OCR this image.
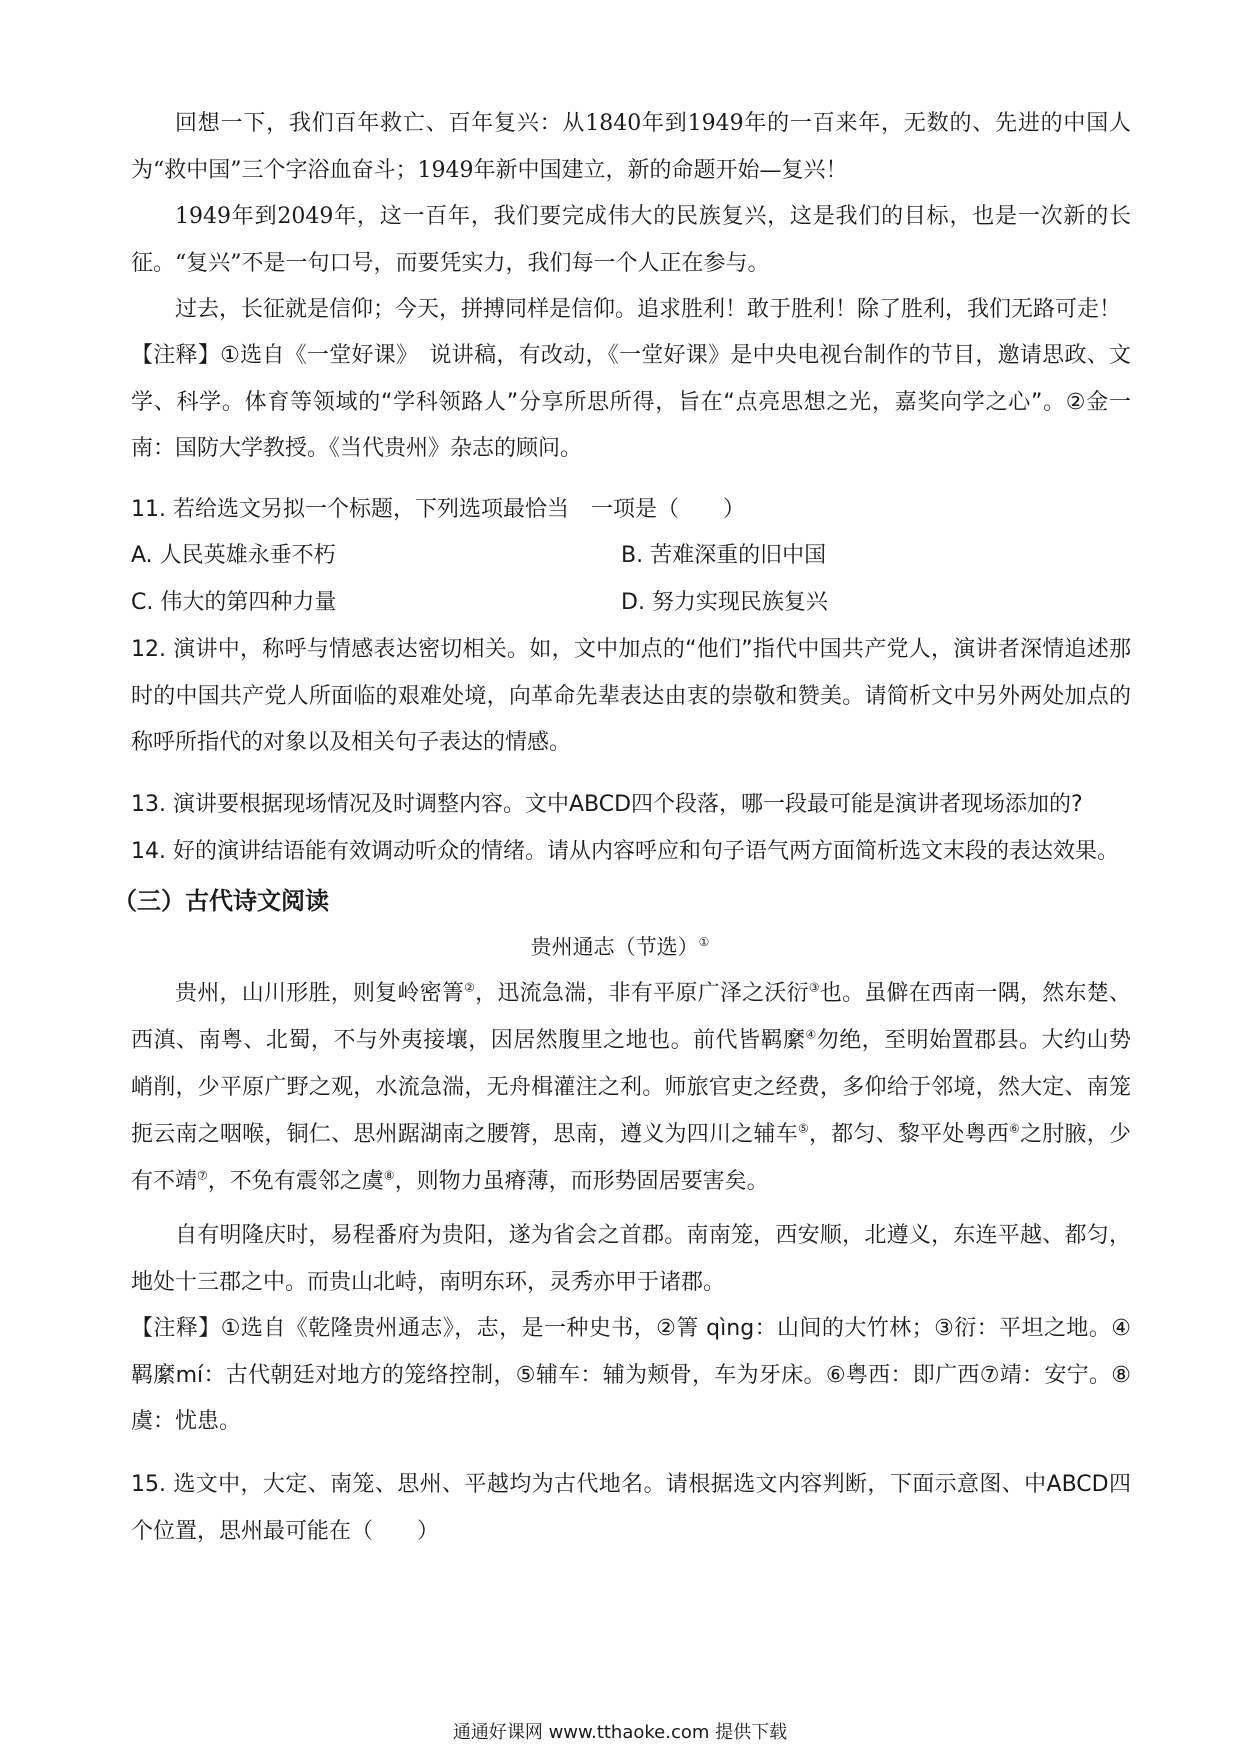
回想一下，我们百年救亡、百年复兴：从1840年到1949年的一百来年，无数的、先进的中国人为“救中国”三个字浴血奋斗；1949年新中国建立，新的命题开始—复兴！

1949年到2049年，这一百年，我们要完成伟大的民族复兴，这是我们的目标，也是一次新的长征。“复兴”不是一句口号，而要凭实力，我们每一个人正在参与。

过去，长征就是信仰；今天，拼搏同样是信仰。追求胜利！敢于胜利！除了胜利，我们无路可走！

【注释】①选自《一堂好课》　说讲稿，有改动，《一堂好课》是中央电视台制作的节目，邀请思政、文学、科学。体育等领域的“学科领路人”分享所思所得，旨在“点亮思想之光，嘉奖向学之心”。②金一南：国防大学教授。《当代贵州》杂志的顾问。

11. 若给选文另拟一个标题，下列选项最恰当　一项是（　　）

A. 人民英雄永垂不朽	B. 苦难深重的旧中国

C. 伟大的第四种力量	D. 努力实现民族复兴

12. 演讲中，称呼与情感表达密切相关。如，文中加点的“他们”指代中国共产党人，演讲者深情追述那时的中国共产党人所面临的艰难处境，向革命先辈表达由衷的崇敬和赞美。请简析文中另外两处加点的称呼所指代的对象以及相关句子表达的情感。

13. 演讲要根据现场情况及时调整内容。文中ABCD四个段落，哪一段最可能是演讲者现场添加的?

14. 好的演讲结语能有效调动听众的情绪。请从内容呼应和句子语气两方面简析选文末段的表达效果。

（三）古代诗文阅读
贵州通志（节选）①

贵州，山川形胜，则复岭密箐②，迅流急湍，非有平原广泽之沃衍③也。虽僻在西南一隅，然东楚、西滇、南粤、北蜀，不与外夷接壤，因居然腹里之地也。前代皆羁縻④勿绝，至明始置郡县。大约山势峭削，少平原广野之观，水流急湍，无舟楫灌注之利。师旅官吏之经费，多仰给于邻境，然大定、南笼扼云南之咽喉，铜仁、思州踞湖南之腰膂，思南，遵义为四川之辅车⑤，都匀、黎平处粤西⑥之肘腋，少有不靖⑦，不免有震邻之虞⑧，则物力虽瘠薄，而形势固居要害矣。

自有明隆庆时，易程番府为贵阳，遂为省会之首郡。南南笼，西安顺，北遵义，东连平越、都匀，地处十三郡之中。而贵山北峙，南明东环，灵秀亦甲于诸郡。

【注释】①选自《乾隆贵州通志》，志，是一种史书，②箐 qìng：山间的大竹林；③衍：平坦之地。④羁縻mí：古代朝廷对地方的笼络控制，⑤辅车：辅为颊骨，车为牙床。⑥粤西：即广西⑦靖：安宁。⑧虞：忧患。

15. 选文中，大定、南笼、思州、平越均为古代地名。请根据选文内容判断，下面示意图、中ABCD四个位置，思州最可能在（　　）

通通好课网 www.tthaoke.com 提供下载
